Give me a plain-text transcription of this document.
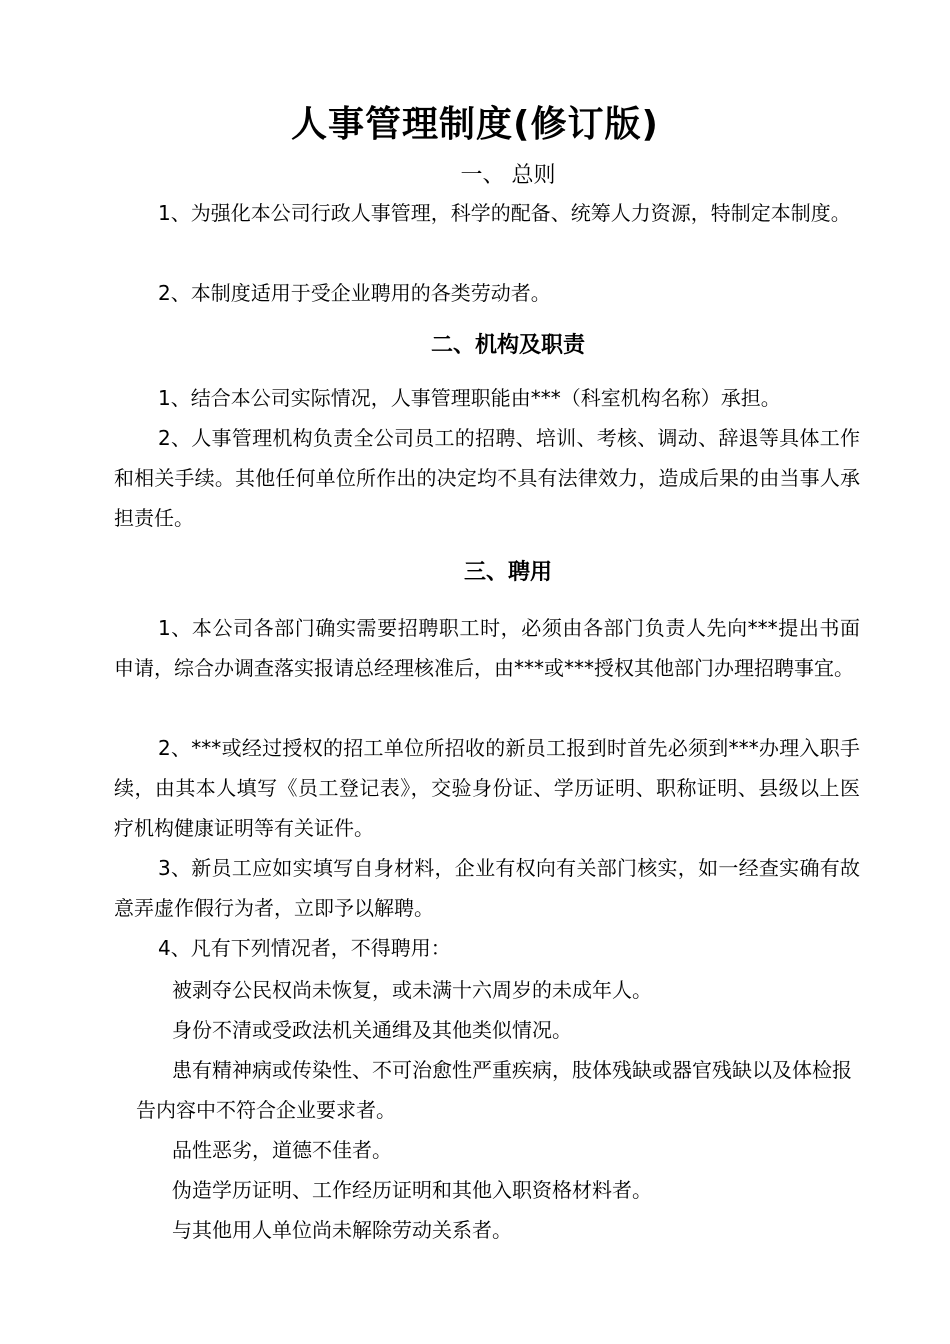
人事管理制度(修订版)
一、 总则

1、为强化本公司行政人事管理，科学的配备、统筹人力资源，特制定本制度。

2、本制度适用于受企业聘用的各类劳动者。

二、机构及职责

1、结合本公司实际情况，人事管理职能由***（科室机构名称）承担。

2、人事管理机构负责全公司员工的招聘、培训、考核、调动、辞退等具体工作和相关手续。其他任何单位所作出的决定均不具有法律效力，造成后果的由当事人承担责任。

三、聘用

1、本公司各部门确实需要招聘职工时，必须由各部门负责人先向***提出书面申请，综合办调查落实报请总经理核准后，由***或***授权其他部门办理招聘事宜。

2、***或经过授权的招工单位所招收的新员工报到时首先必须到***办理入职手续，由其本人填写《员工登记表》，交验身份证、学历证明、职称证明、县级以上医疗机构健康证明等有关证件。

3、新员工应如实填写自身材料，企业有权向有关部门核实，如一经查实确有故意弄虚作假行为者，立即予以解聘。

4、凡有下列情况者，不得聘用：

被剥夺公民权尚未恢复，或未满十六周岁的未成年人。

身份不清或受政法机关通缉及其他类似情况。

患有精神病或传染性、不可治愈性严重疾病，肢体残缺或器官残缺以及体检报告内容中不符合企业要求者。

品性恶劣，道德不佳者。

伪造学历证明、工作经历证明和其他入职资格材料者。

与其他用人单位尚未解除劳动关系者。
